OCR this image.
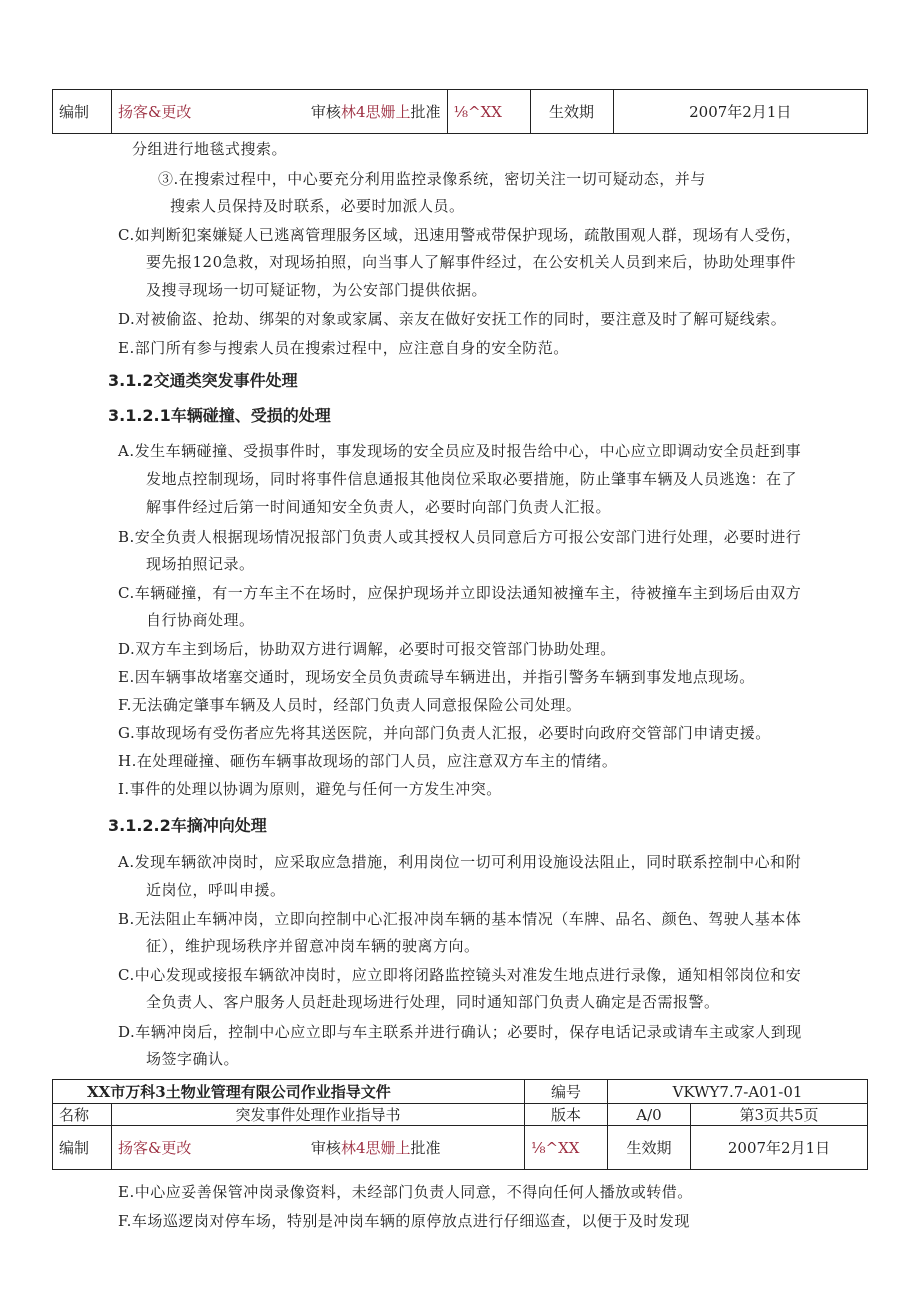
编制	扬客&更改	审核林4思姗上批准	⅛^XX	生效期	2007年2月1日
分组进行地毯式搜索。
③.在搜索过程中，中心要充分利用监控录像系统，密切关注一切可疑动态，并与
搜索人员保持及时联系，必要时加派人员。
C.如判断犯案嫌疑人已逃离管理服务区域，迅速用警戒带保护现场，疏散围观人群，现场有人受伤，
要先报120急救，对现场拍照，向当事人了解事件经过，在公安机关人员到来后，协助处理事件
及搜寻现场一切可疑证物，为公安部门提供依据。
D.对被偷盗、抢劫、绑架的对象或家属、亲友在做好安抚工作的同时，要注意及时了解可疑线索。
E.部门所有参与搜索人员在搜索过程中，应注意自身的安全防范。
3.1.2交通类突发事件处理
3.1.2.1车辆碰撞、受损的处理
A.发生车辆碰撞、受损事件时，事发现场的安全员应及时报告给中心，中心应立即调动安全员赶到事
发地点控制现场，同时将事件信息通报其他岗位采取必要措施，防止肇事车辆及人员逃逸：在了
解事件经过后第一时间通知安全负责人，必要时向部门负责人汇报。
B.安全负责人根据现场情况报部门负责人或其授权人员同意后方可报公安部门进行处理，必要时进行
现场拍照记录。
C.车辆碰撞，有一方车主不在场时，应保护现场并立即设法通知被撞车主，待被撞车主到场后由双方
自行协商处理。
D.双方车主到场后，协助双方进行调解，必要时可报交管部门协助处理。
E.因车辆事故堵塞交通时，现场安全员负责疏导车辆进出，并指引警务车辆到事发地点现场。
F.无法确定肇事车辆及人员时，经部门负责人同意报保险公司处理。
G.事故现场有受伤者应先将其送医院，并向部门负责人汇报，必要时向政府交管部门申请吏援。
H.在处理碰撞、砸伤车辆事故现场的部门人员，应注意双方车主的情绪。
I.事件的处理以协调为原则，避免与任何一方发生冲突。
3.1.2.2车摘冲向处理
A.发现车辆欲冲岗时，应采取应急措施，利用岗位一切可利用设施设法阻止，同时联系控制中心和附
近岗位，呼叫申援。
B.无法阻止车辆冲岗，立即向控制中心汇报冲岗车辆的基本情况（车牌、品名、颜色、驾驶人基本体
征），维护现场秩序并留意冲岗车辆的驶离方向。
C.中心发现或接报车辆欲冲岗时，应立即将闭路监控镜头对准发生地点进行录像，通知相邻岗位和安
全负责人、客户服务人员赶赴现场进行处理，同时通知部门负责人确定是否需报警。
D.车辆冲岗后，控制中心应立即与车主联系并进行确认；必要时，保存电话记录或请车主或家人到现
场签字确认。
XX市万科3土物业管理有限公司作业指导文件		编号	VKWY7.7-A01-01	
名称	突发事件处理作业指导书	版本	A/0	第3页共5页
编制	扬客&更改 审核林4思姗上批准	⅛^XX	生效期	2007年2月1日
E.中心应妥善保管冲岗录像资料，未经部门负责人同意，不得向任何人播放或转借。
F.车场巡逻岗对停车场，特别是冲岗车辆的原停放点进行仔细巡查，以便于及时发现
